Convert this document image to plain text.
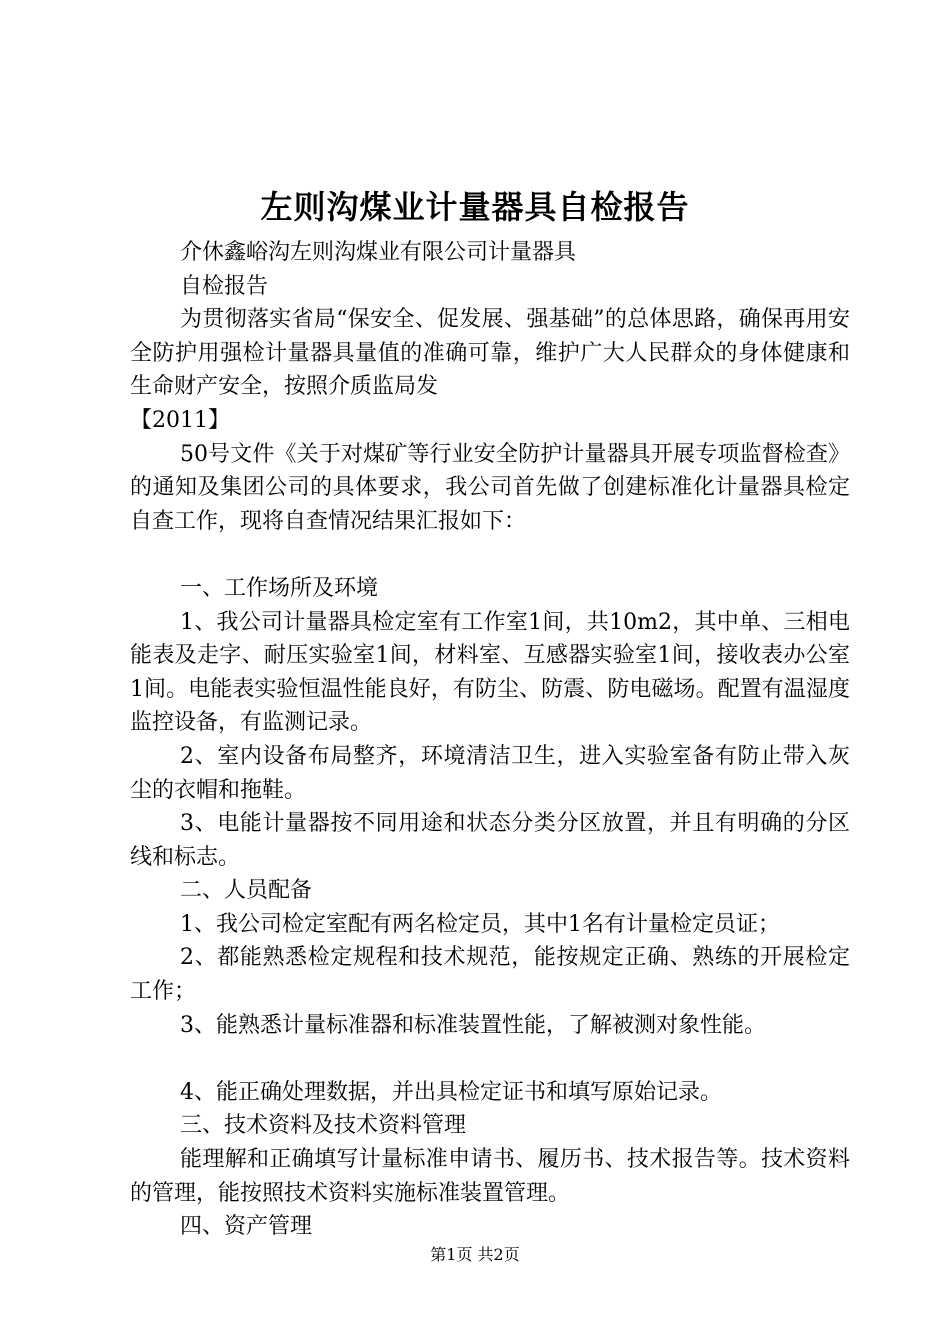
左则沟煤业计量器具自检报告

介休鑫峪沟左则沟煤业有限公司计量器具

自检报告

为贯彻落实省局“保安全、促发展、强基础”的总体思路，确保再用安全防护用强检计量器具量值的准确可靠，维护广大人民群众的身体健康和生命财产安全，按照介质监局发

【2011】

50号文件《关于对煤矿等行业安全防护计量器具开展专项监督检查》的通知及集团公司的具体要求，我公司首先做了创建标准化计量器具检定自查工作，现将自查情况结果汇报如下：

一、工作场所及环境

1、我公司计量器具检定室有工作室1间，共10m2，其中单、三相电能表及走字、耐压实验室1间，材料室、互感器实验室1间，接收表办公室1间。电能表实验恒温性能良好，有防尘、防震、防电磁场。配置有温湿度监控设备，有监测记录。

2、室内设备布局整齐，环境清洁卫生，进入实验室备有防止带入灰尘的衣帽和拖鞋。

3、电能计量器按不同用途和状态分类分区放置，并且有明确的分区线和标志。

二、人员配备

1、我公司检定室配有两名检定员，其中1名有计量检定员证；

2、都能熟悉检定规程和技术规范，能按规定正确、熟练的开展检定工作；

3、能熟悉计量标准器和标准装置性能，了解被测对象性能。

4、能正确处理数据，并出具检定证书和填写原始记录。

三、技术资料及技术资料管理

能理解和正确填写计量标准申请书、履历书、技术报告等。技术资料的管理，能按照技术资料实施标准装置管理。

四、资产管理

第1页 共2页
